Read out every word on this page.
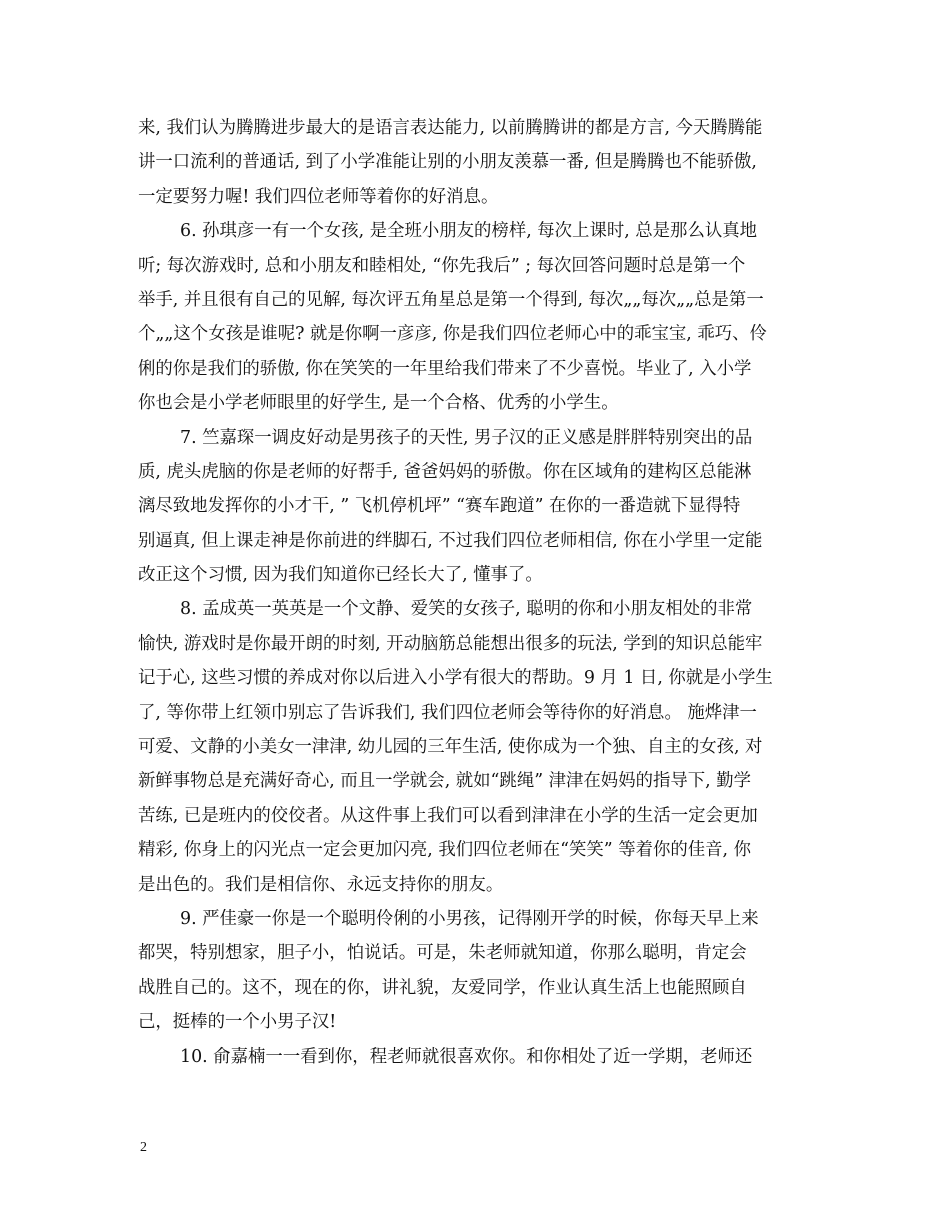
来, 我们认为腾腾进步最大的是语言表达能力, 以前腾腾讲的都是方言, 今天腾腾能
讲一口流利的普通话, 到了小学准能让别的小朋友羡慕一番, 但是腾腾也不能骄傲,
一定要努力喔! 我们四位老师等着你的好消息。
6. 孙琪彦一有一个女孩, 是全班小朋友的榜样, 每次上课时, 总是那么认真地
听; 每次游戏时, 总和小朋友和睦相处, “你先我后” ; 每次回答问题时总是第一个
举手, 并且很有自己的见解, 每次评五角星总是第一个得到, 每次„„每次„„总是第一
个„„这个女孩是谁呢? 就是你啊一彦彦, 你是我们四位老师心中的乖宝宝, 乖巧、伶
俐的你是我们的骄傲, 你在笑笑的一年里给我们带来了不少喜悦。毕业了, 入小学
你也会是小学老师眼里的好学生, 是一个合格、优秀的小学生。
7. 竺嘉琛一调皮好动是男孩子的天性, 男子汉的正义感是胖胖特别突出的品
质, 虎头虎脑的你是老师的好帮手, 爸爸妈妈的骄傲。你在区域角的建构区总能淋
漓尽致地发挥你的小才干, ” 飞机停机坪” “赛车跑道” 在你的一番造就下显得特
别逼真, 但上课走神是你前进的绊脚石, 不过我们四位老师相信, 你在小学里一定能
改正这个习惯, 因为我们知道你已经长大了, 懂事了。
8. 孟成英一英英是一个文静、爱笑的女孩子, 聪明的你和小朋友相处的非常
愉快, 游戏时是你最开朗的时刻, 开动脑筋总能想出很多的玩法, 学到的知识总能牢
记于心, 这些习惯的养成对你以后进入小学有很大的帮助。9 月 1 日, 你就是小学生
了, 等你带上红领巾别忘了告诉我们, 我们四位老师会等待你的好消息。 施烨津一
可爱、文静的小美女一津津, 幼儿园的三年生活, 使你成为一个独、自主的女孩, 对
新鲜事物总是充满好奇心, 而且一学就会, 就如“跳绳” 津津在妈妈的指导下, 勤学
苦练, 已是班内的佼佼者。从这件事上我们可以看到津津在小学的生活一定会更加
精彩, 你身上的闪光点一定会更加闪亮, 我们四位老师在“笑笑” 等着你的佳音, 你
是出色的。我们是相信你、永远支持你的朋友。
9. 严佳豪一你是一个聪明伶俐的小男孩，记得刚开学的时候，你每天早上来
都哭，特别想家，胆子小，怕说话。可是，朱老师就知道，你那么聪明，肯定会
战胜自己的。这不，现在的你，讲礼貌，友爱同学，作业认真生活上也能照顾自
己，挺棒的一个小男子汉!
10. 俞嘉楠一一看到你，程老师就很喜欢你。和你相处了近一学期，老师还
2
